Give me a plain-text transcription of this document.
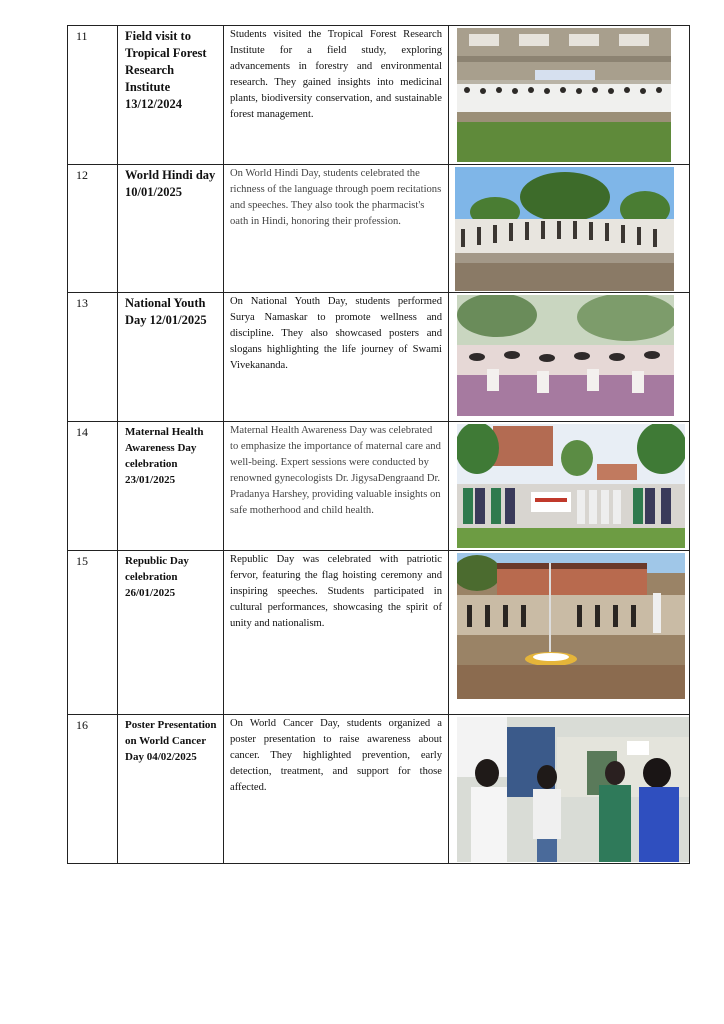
11	Field visit to Tropical Forest Research Institute 13/12/2024	Students visited the Tropical Forest Research Institute for a field study, exploring advancements in forestry and environmental research. They gained insights into medicinal plants, biodiversity conservation, and sustainable forest management.

12	World Hindi day 10/01/2025	On World Hindi Day, students celebrated the richness of the language through poem recitations and speeches. They also took the pharmacist's oath in Hindi, honoring their profession.

13	National Youth Day 12/01/2025	On National Youth Day, students performed Surya Namaskar to promote wellness and discipline. They also showcased posters and slogans highlighting the life journey of Swami Vivekananda.

14	Maternal Health Awareness Day celebration 23/01/2025	Maternal Health Awareness Day was celebrated to emphasize the importance of maternal care and well-being. Expert sessions were conducted by renowned gynecologists Dr. JigysaDengraand Dr. Pradanya Harshey, providing valuable insights on safe motherhood and child health.

15	Republic Day celebration 26/01/2025	Republic Day was celebrated with patriotic fervor, featuring the flag hoisting ceremony and inspiring speeches. Students participated in cultural performances, showcasing the spirit of unity and nationalism.

16	Poster Presentation on World Cancer Day 04/02/2025	On World Cancer Day, students organized a poster presentation to raise awareness about cancer. They highlighted prevention, early detection, treatment, and support for those affected.
